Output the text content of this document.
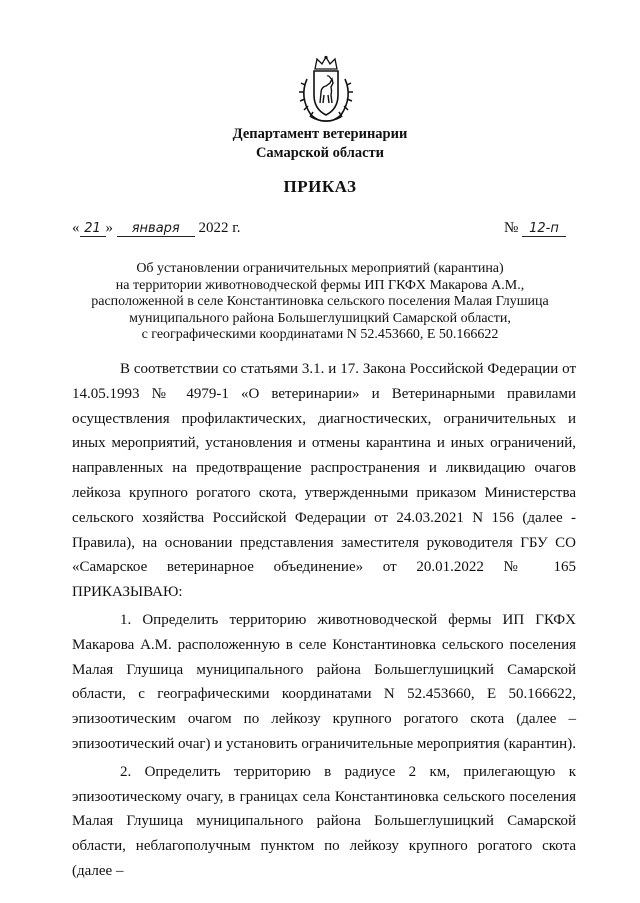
Департамент ветеринарии
Самарской области
ПРИКАЗ
« 21 » января 2022 г.	№ 12-п
Об установлении ограничительных мероприятий (карантина)
на территории животноводческой фермы ИП ГКФХ Макарова А.М.,
расположенной в селе Константиновка сельского поселения Малая Глушица
муниципального района Большеглушицкий Самарской области,
с географическими координатами N 52.453660, E 50.166622

В соответствии со статьями 3.1. и 17. Закона Российской Федерации от 14.05.1993 № 4979-1 «О ветеринарии» и Ветеринарными правилами осуществления профилактических, диагностических, ограничительных и иных мероприятий, установления и отмены карантина и иных ограничений, направленных на предотвращение распространения и ликвидацию очагов лейкоза крупного рогатого скота, утвержденными приказом Министерства сельского хозяйства Российской Федерации от 24.03.2021 N 156 (далее - Правила), на основании представления заместителя руководителя ГБУ СО «Самарское ветеринарное объединение» от 20.01.2022 № 165 ПРИКАЗЫВАЮ:

1. Определить территорию животноводческой фермы ИП ГКФХ Макарова А.М. расположенную в селе Константиновка сельского поселения Малая Глушица муниципального района Большеглушицкий Самарской области, с географическими координатами N 52.453660, E 50.166622, эпизоотическим очагом по лейкозу крупного рогатого скота (далее – эпизоотический очаг) и установить ограничительные мероприятия (карантин).

2. Определить территорию в радиусе 2 км, прилегающую к эпизоотическому очагу, в границах села Константиновка сельского поселения Малая Глушица муниципального района Большеглушицкий Самарской области, неблагополучным пунктом по лейкозу крупного рогатого скота (далее –
